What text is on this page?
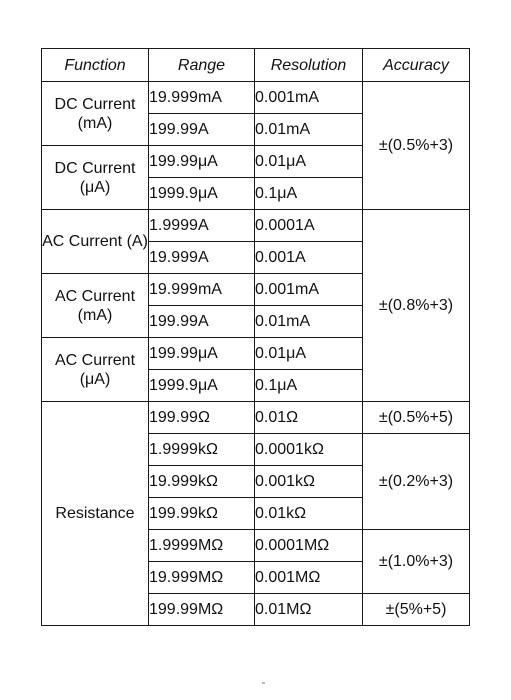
Function	Range	Resolution	Accuracy
DC Current (mA)	19.999mA	0.001mA	±(0.5%+3)
	199.99A	0.01mA	
DC Current (μA)	199.99μA	0.01μA	
	1999.9μA	0.1μA	
AC Current (A)	1.9999A	0.0001A	±(0.8%+3)
	19.999A	0.001A	
AC Current (mA)	19.999mA	0.001mA	
	199.99A	0.01mA	
AC Current (μA)	199.99μA	0.01μA	
	1999.9μA	0.1μA	
Resistance	199.99Ω	0.01Ω	±(0.5%+5)
	1.9999kΩ	0.0001kΩ	±(0.2%+3)
	19.999kΩ	0.001kΩ	
	199.99kΩ	0.01kΩ	
	1.9999MΩ	0.0001MΩ	±(1.0%+3)
	19.999MΩ	0.001MΩ	
	199.99MΩ	0.01MΩ	±(5%+5)
